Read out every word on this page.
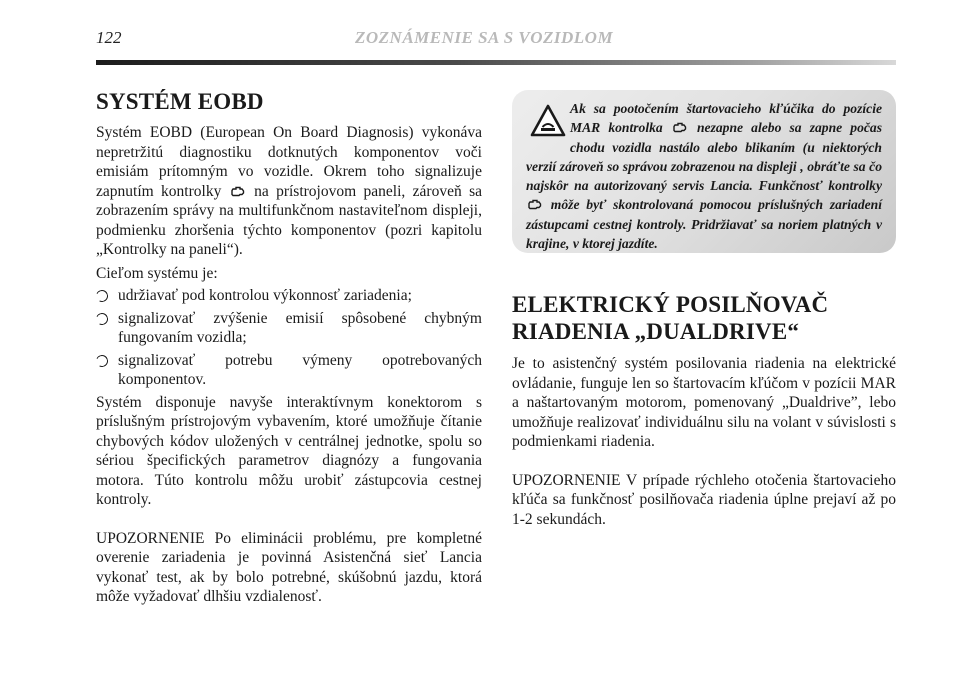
122	ZOZNÁMENIE SA S VOZIDLOM
SYSTÉM EOBD

Systém EOBD (European On Board Diagnosis) vykonáva nepretržitú diagnostiku dotknutých komponentov voči emisiám prítomným vo vozidle. Okrem toho signalizuje zapnutím kontrolky na prístrojovom paneli, zároveň sa zobrazením správy na multifunkčnom nastaviteľnom displeji, podmienku zhoršenia týchto komponentov (pozri kapitolu „Kontrolky na paneli“).

Cieľom systému je:

udržiavať pod kontrolou výkonnosť zariadenia;
signalizovať zvýšenie emisií spôsobené chybným fungovaním vozidla;
signalizovať potrebu výmeny opotrebovaných komponentov.

Systém disponuje navyše interaktívnym konektorom s príslušným prístrojovým vybavením, ktoré umožňuje čítanie chybových kódov uložených v centrálnej jednotke, spolu so sériou špecifických parametrov diagnózy a fungovania motora. Túto kontrolu môžu urobiť zástupcovia cestnej kontroly.

UPOZORNENIE Po eliminácii problému, pre kompletné overenie zariadenia je povinná Asistenčná sieť Lancia vykonať test, ak by bolo potrebné, skúšobnú jazdu, ktorá môže vyžadovať dlhšiu vzdialenosť.

Ak sa pootočením štartovacieho kľúčika do pozície MAR kontrolka	nezapne alebo sa zapne počas chodu vozidla nastálo alebo blikaním (u niektorých verzií zároveň so správou zobrazenou na displeji , obráťte sa čo najskôr na autorizovaný servis Lancia. Funkčnosť kontrolky  môže byť skontrolovaná pomocou príslušných zariadení zástupcami cestnej kontroly. Pridržiavať sa noriem platných v krajine, v ktorej jazdíte.

ELEKTRICKÝ POSILŇOVAČ
RIADENIA „DUALDRIVE“

Je to asistenčný systém posilovania riadenia na elektrické ovládanie, funguje len so štartovacím kľúčom v pozícii MAR a naštartovaným motorom, pomenovaný „Dualdrive”, lebo umožňuje realizovať individuálnu silu na volant v súvislosti s podmienkami riadenia.

UPOZORNENIE V prípade rýchleho otočenia štartovacieho kľúča sa funkčnosť posilňovača riadenia úplne prejaví až po 1-2 sekundách.
